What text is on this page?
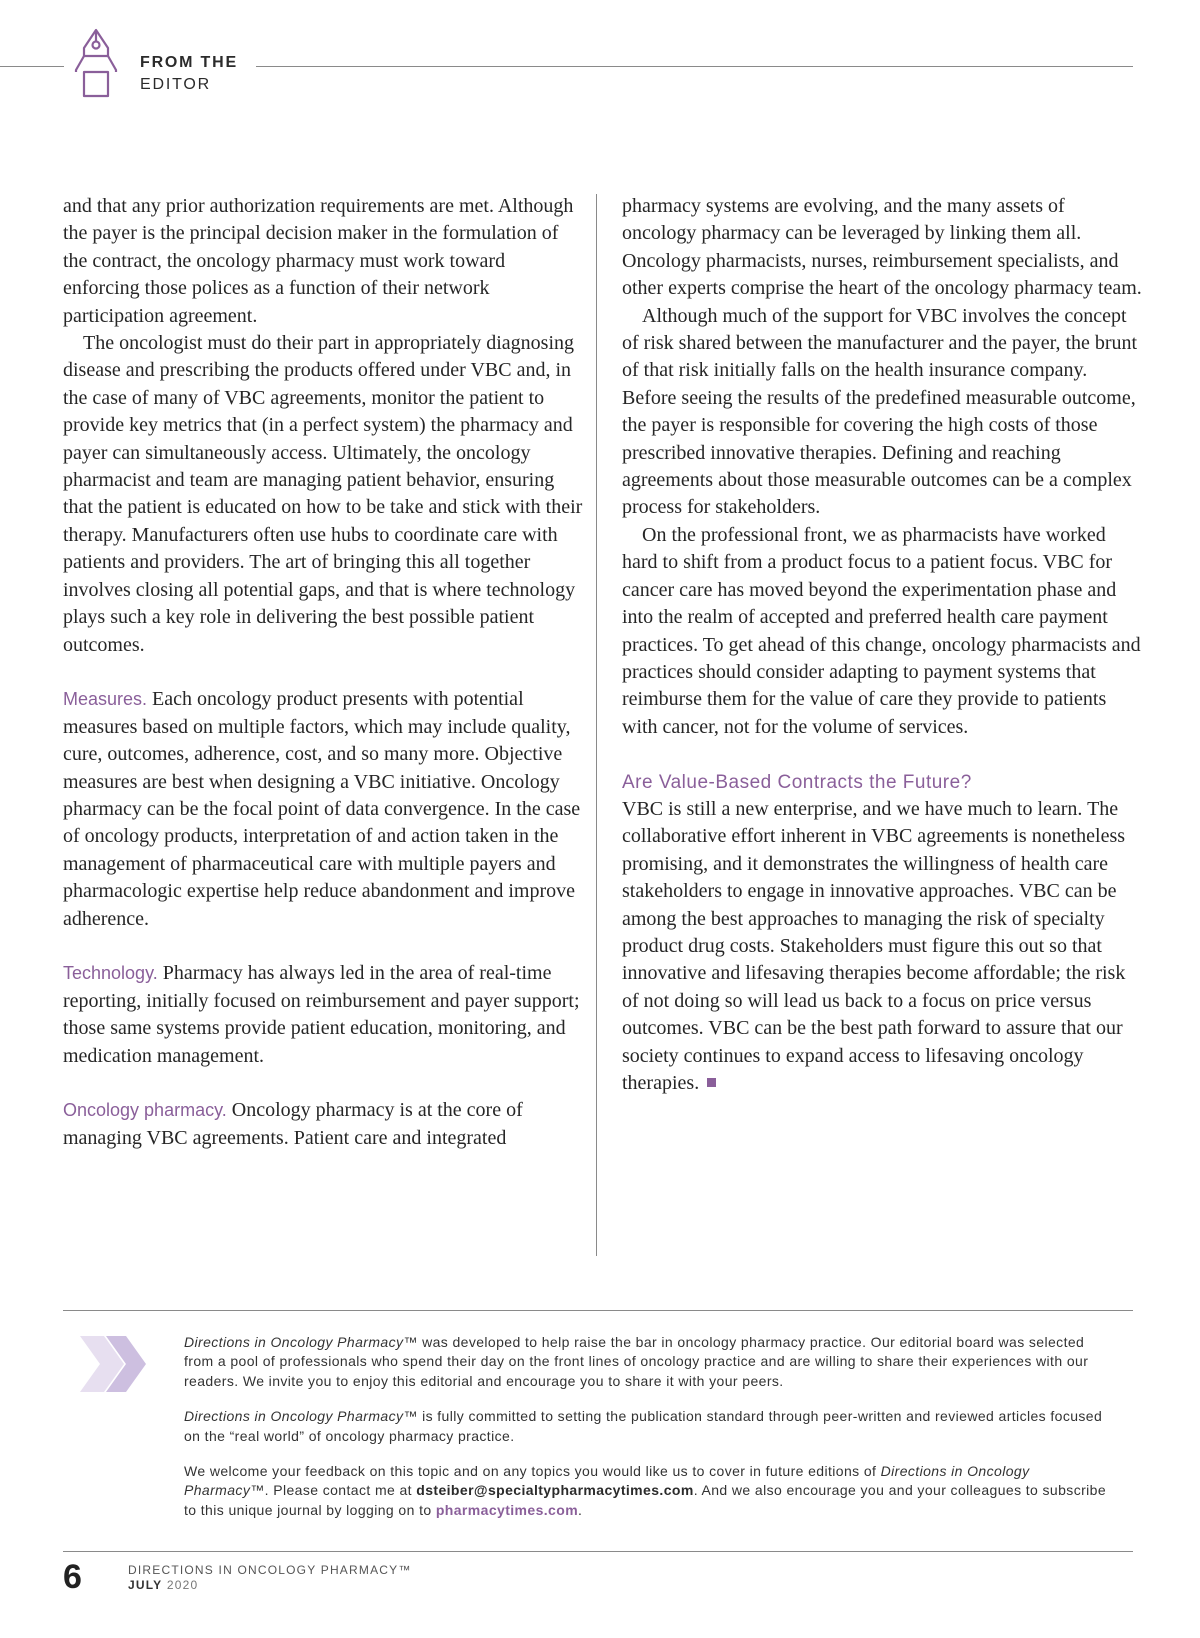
FROM THE
EDITOR

and that any prior authorization requirements are met. Although the payer is the principal decision maker in the formulation of the contract, the oncology pharmacy must work toward enforcing those polices as a function of their network participation agreement.

The oncologist must do their part in appropriately diagnosing disease and prescribing the products offered under VBC and, in the case of many of VBC agreements, monitor the patient to provide key metrics that (in a perfect system) the pharmacy and payer can simultaneously access. Ultimately, the oncology pharmacist and team are managing patient behavior, ensuring that the patient is educated on how to be take and stick with their therapy. Manufacturers often use hubs to coordinate care with patients and providers. The art of bringing this all together involves closing all potential gaps, and that is where technology plays such a key role in delivering the best possible patient outcomes.

Measures. Each oncology product presents with potential measures based on multiple factors, which may include quality, cure, outcomes, adherence, cost, and so many more. Objective measures are best when designing a VBC initiative. Oncology pharmacy can be the focal point of data convergence. In the case of oncology products, interpretation of and action taken in the management of pharmaceutical care with multiple payers and pharmacologic expertise help reduce abandonment and improve adherence.

Technology. Pharmacy has always led in the area of real-time reporting, initially focused on reimbursement and payer support; those same systems provide patient education, monitoring, and medication management.

Oncology pharmacy. Oncology pharmacy is at the core of managing VBC agreements. Patient care and integrated

pharmacy systems are evolving, and the many assets of oncology pharmacy can be leveraged by linking them all. Oncology pharmacists, nurses, reimbursement specialists, and other experts comprise the heart of the oncology pharmacy team.

Although much of the support for VBC involves the concept of risk shared between the manufacturer and the payer, the brunt of that risk initially falls on the health insurance company. Before seeing the results of the predefined measurable outcome, the payer is responsible for covering the high costs of those prescribed innovative therapies. Defining and reaching agreements about those measurable outcomes can be a complex process for stakeholders.

On the professional front, we as pharmacists have worked hard to shift from a product focus to a patient focus. VBC for cancer care has moved beyond the experimentation phase and into the realm of accepted and preferred health care payment practices. To get ahead of this change, oncology pharmacists and practices should consider adapting to payment systems that reimburse them for the value of care they provide to patients with cancer, not for the volume of services.

Are Value-Based Contracts the Future?

VBC is still a new enterprise, and we have much to learn. The collaborative effort inherent in VBC agreements is nonetheless promising, and it demonstrates the willingness of health care stakeholders to engage in innovative approaches. VBC can be among the best approaches to managing the risk of specialty product drug costs. Stakeholders must figure this out so that innovative and lifesaving therapies become affordable; the risk of not doing so will lead us back to a focus on price versus outcomes. VBC can be the best path forward to assure that our society continues to expand access to lifesaving oncology therapies.

Directions in Oncology Pharmacy™ was developed to help raise the bar in oncology pharmacy practice. Our editorial board was selected from a pool of professionals who spend their day on the front lines of oncology practice and are willing to share their experiences with our readers. We invite you to enjoy this editorial and encourage you to share it with your peers.

Directions in Oncology Pharmacy™ is fully committed to setting the publication standard through peer-written and reviewed articles focused on the “real world” of oncology pharmacy practice.

We welcome your feedback on this topic and on any topics you would like us to cover in future editions of Directions in Oncology Pharmacy™. Please contact me at dsteiber@specialtypharmacytimes.com. And we also encourage you and your colleagues to subscribe to this unique journal by logging on to pharmacytimes.com.

6	DIRECTIONS IN ONCOLOGY PHARMACY™
JULY 2020
